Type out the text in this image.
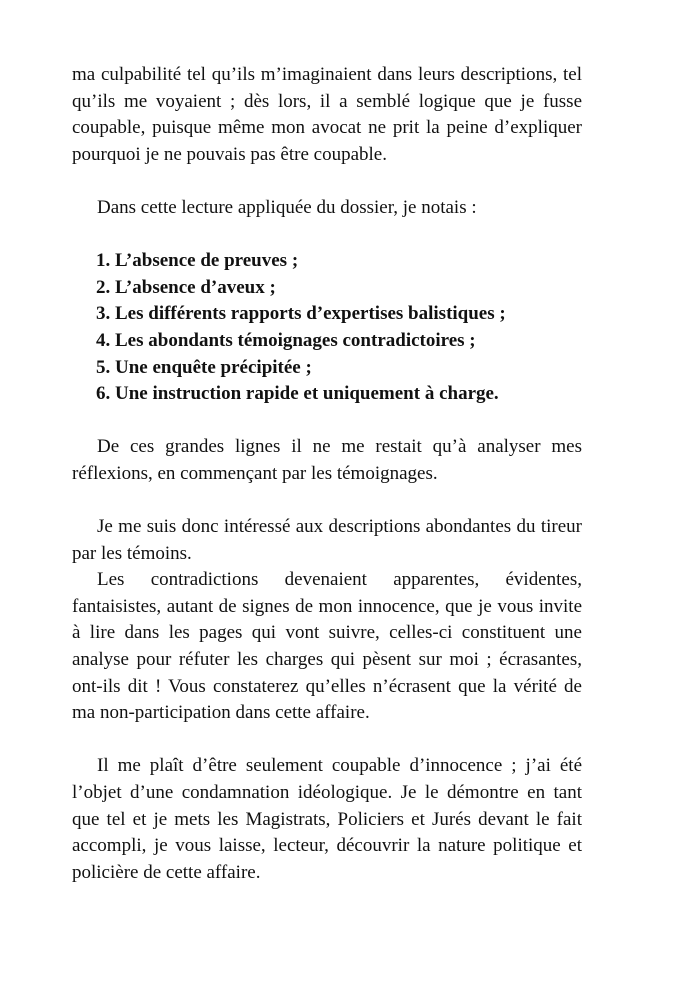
ma culpabilité tel qu’ils m’imaginaient dans leurs descriptions, tel qu’ils me voyaient ; dès lors, il a semblé logique que je fusse coupable, puisque même mon avocat ne prit la peine d’expliquer pourquoi je ne pouvais pas être coupable.

Dans cette lecture appliquée du dossier, je notais :

1. L’absence de preuves ;
2. L’absence d’aveux ;
3. Les différents rapports d’expertises balistiques ;
4. Les abondants témoignages contradictoires ;
5. Une enquête précipitée ;
6. Une instruction rapide et uniquement à charge.

De ces grandes lignes il ne me restait qu’à analyser mes réflexions, en commençant par les témoignages.

Je me suis donc intéressé aux descriptions abondantes du tireur par les témoins.

Les contradictions devenaient apparentes, évidentes, fantaisistes, autant de signes de mon innocence, que je vous invite à lire dans les pages qui vont suivre, celles-ci constituent une analyse pour réfuter les charges qui pèsent sur moi ; écrasantes, ont-ils dit ! Vous constaterez qu’elles n’écrasent que la vérité de ma non-participation dans cette affaire.

Il me plaît d’être seulement coupable d’innocence ; j’ai été l’objet d’une condamnation idéologique. Je le démontre en tant que tel et je mets les Magistrats, Policiers et Jurés devant le fait accompli, je vous laisse, lecteur, découvrir la nature politique et policière de cette affaire.
